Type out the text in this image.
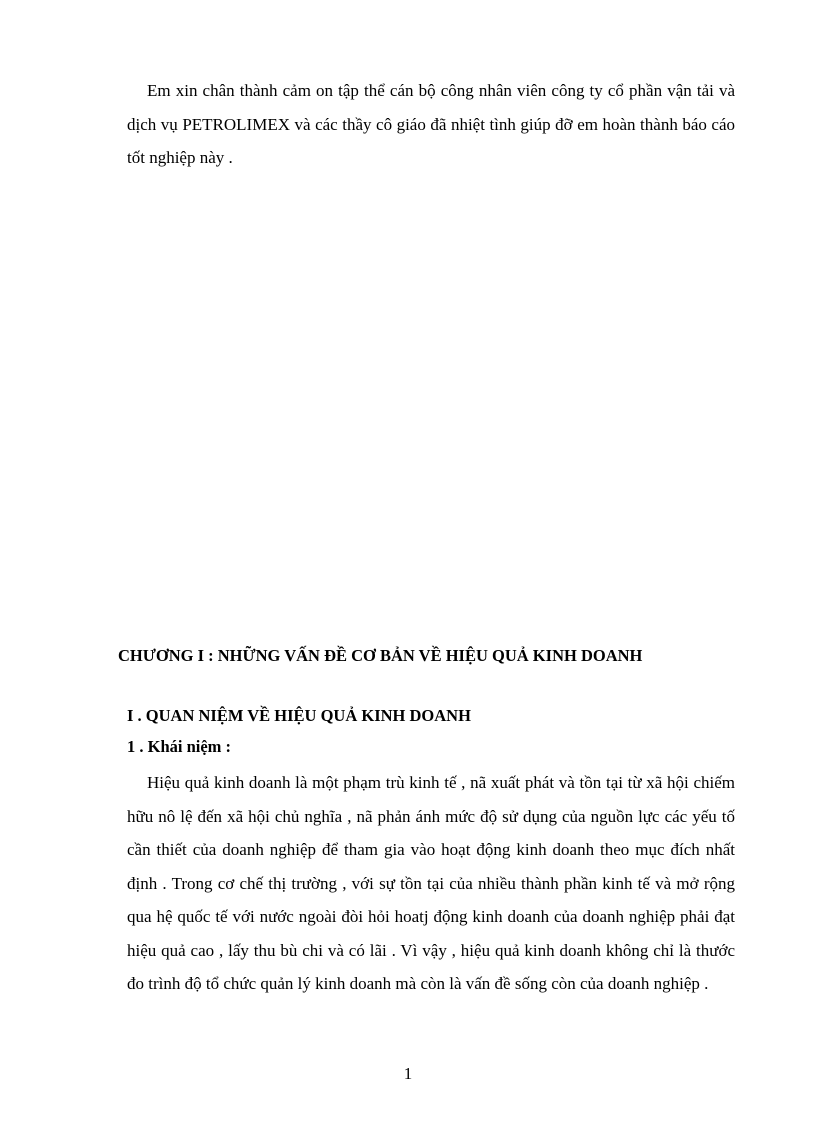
Em xin chân thành cảm on tập thể cán bộ công nhân viên công ty cổ phần vận tải và dịch vụ PETROLIMEX và các thầy cô giáo đã nhiệt tình giúp đỡ em hoàn thành báo cáo tốt nghiệp này .

CHƯƠNG I : NHỮNG VẤN ĐỀ CƠ BẢN VỀ HIỆU QUẢ KINH DOANH
I . QUAN NIỆM VỀ HIỆU QUẢ KINH DOANH
1 . Khái niệm :

Hiệu quả kinh doanh là một phạm trù kinh tế , nã xuất phát và tồn tại từ xã hội chiếm hữu nô lệ đến xã hội chủ nghĩa , nã phản ánh mức độ sử dụng của nguồn lực các yếu tố cần thiết của doanh nghiệp để tham gia vào hoạt động kinh doanh theo mục đích nhất định . Trong cơ chế thị trường , với sự tồn tại của nhiều thành phần kinh tế và mở rộng qua hệ quốc tế với nước ngoài đòi hỏi hoatj động kinh doanh của doanh nghiệp phải đạt hiệu quả cao , lấy thu bù chi và có lãi . Vì vậy , hiệu quả kinh doanh không chỉ là thước đo trình độ tổ chức quản lý kinh doanh mà còn là vấn đề sống còn của doanh nghiệp .

1
